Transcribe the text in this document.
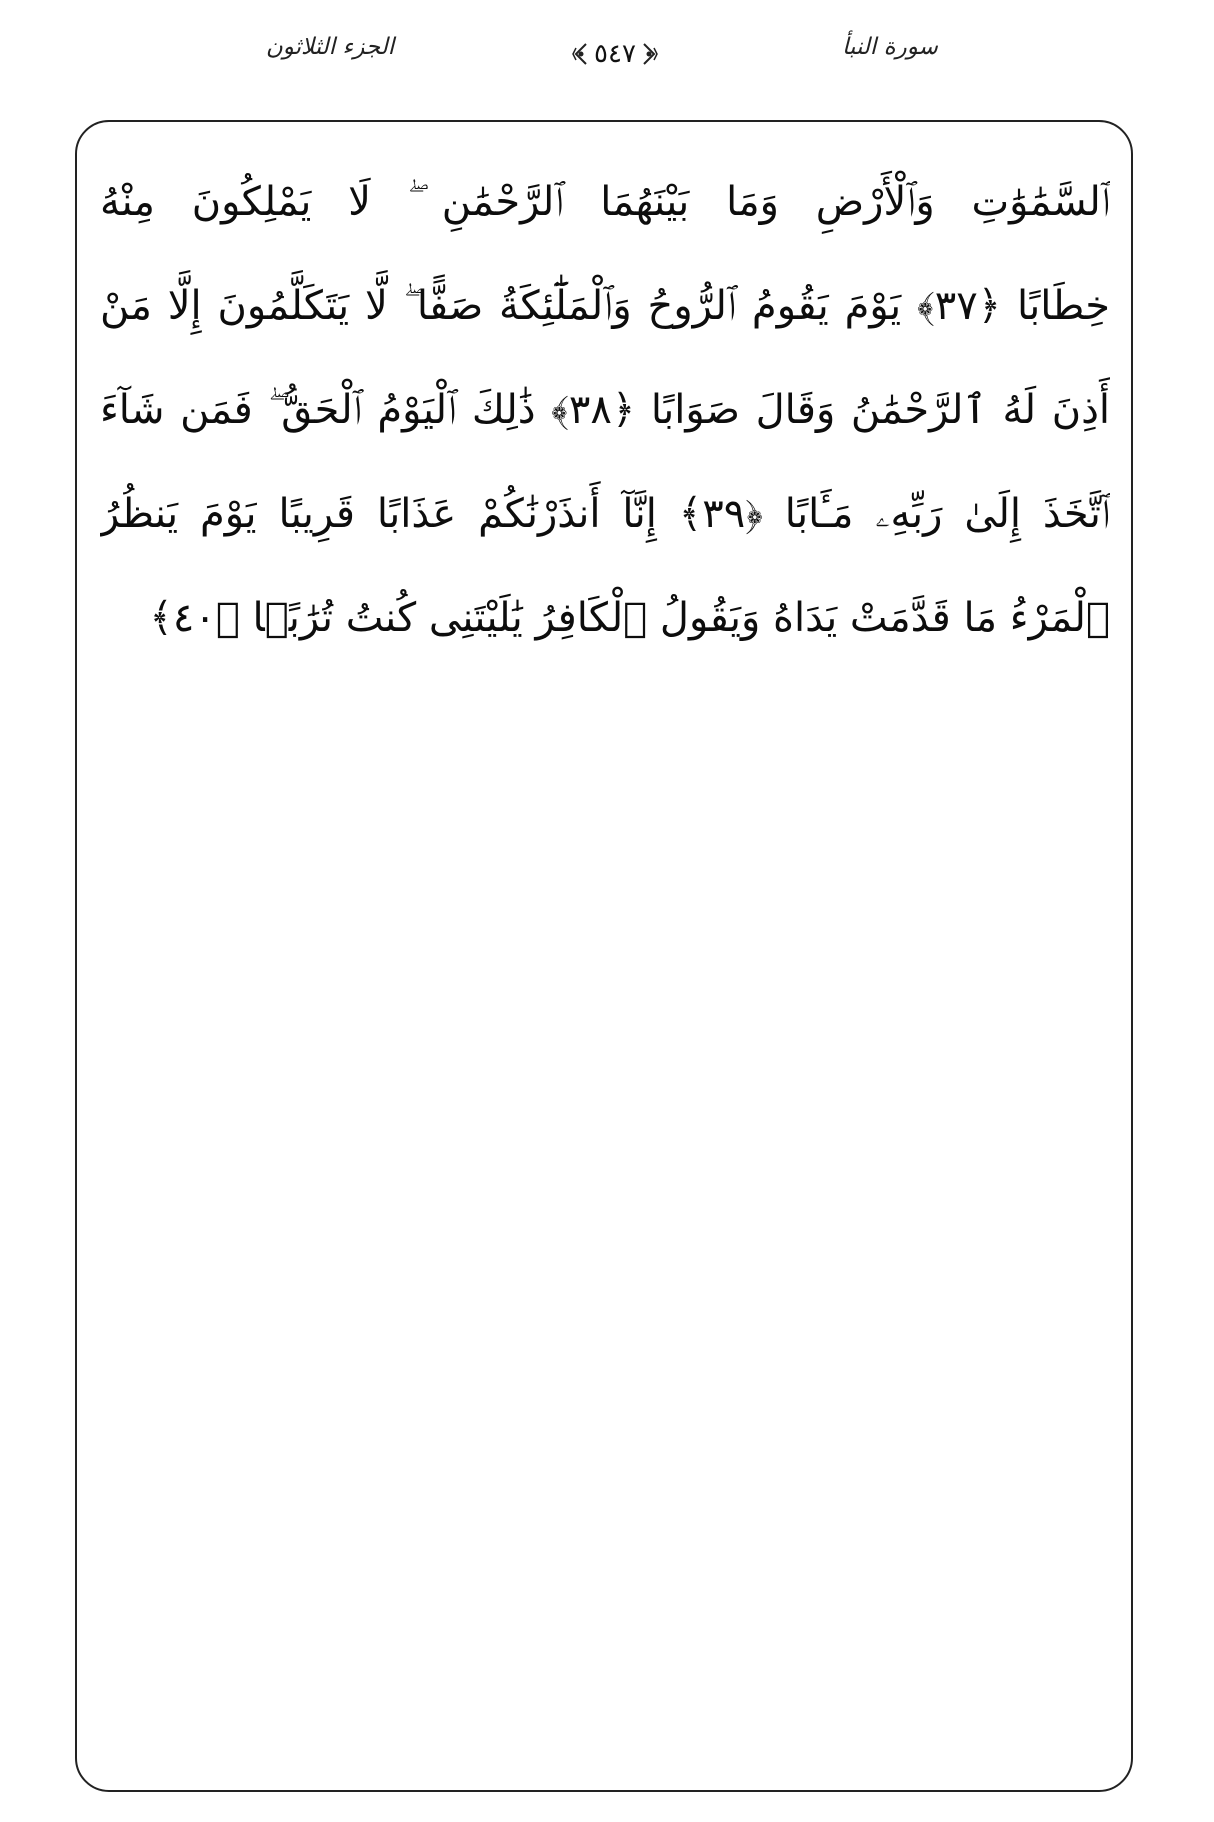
سورة النبأ
٥٤٧
الجزء الثلاثون
ٱلسَّمَٰوَٰتِ وَٱلْأَرْضِ وَمَا بَيْنَهُمَا ٱلرَّحْمَٰنِ ۖ لَا يَمْلِكُونَ مِنْهُ
خِطَابًا ﴿٣٧﴾ يَوْمَ يَقُومُ ٱلرُّوحُ وَٱلْمَلَٰٓئِكَةُ صَفًّا ۖ لَّا يَتَكَلَّمُونَ إِلَّا مَنْ
أَذِنَ لَهُ ٱلرَّحْمَٰنُ وَقَالَ صَوَابًا ﴿٣٨﴾ ذَٰلِكَ ٱلْيَوْمُ ٱلْحَقُّ ۖ فَمَن شَآءَ
ٱتَّخَذَ إِلَىٰ رَبِّهِۦ مَـَٔابًا ﴿٣٩﴾ إِنَّآ أَنذَرْنَٰكُمْ عَذَابًا قَرِيبًا يَوْمَ يَنظُرُ
ٱلْمَرْءُ مَا قَدَّمَتْ يَدَاهُ وَيَقُولُ ٱلْكَافِرُ يَٰلَيْتَنِى كُنتُ تُرَٰبًۢا ﴿٤٠﴾
